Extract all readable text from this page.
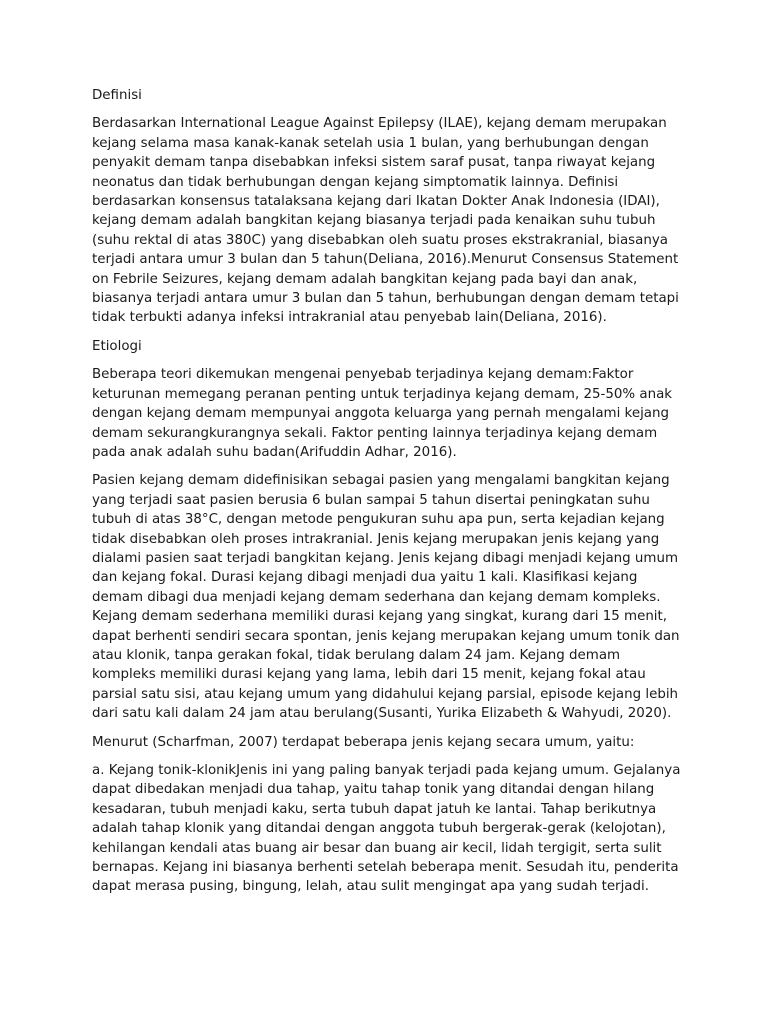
Definisi

Berdasarkan International League Against Epilepsy (ILAE), kejang demam merupakan kejang selama masa kanak-kanak setelah usia 1 bulan, yang berhubungan dengan penyakit demam tanpa disebabkan infeksi sistem saraf pusat, tanpa riwayat kejang neonatus dan tidak berhubungan dengan kejang simptomatik lainnya. Definisi berdasarkan konsensus tatalaksana kejang dari Ikatan Dokter Anak Indonesia (IDAI), kejang demam adalah bangkitan kejang biasanya terjadi pada kenaikan suhu tubuh (suhu rektal di atas 380C) yang disebabkan oleh suatu proses ekstrakranial, biasanya terjadi antara umur 3 bulan dan 5 tahun(Deliana, 2016).Menurut Consensus Statement on Febrile Seizures, kejang demam adalah bangkitan kejang pada bayi dan anak, biasanya terjadi antara umur 3 bulan dan 5 tahun, berhubungan dengan demam tetapi tidak terbukti adanya infeksi intrakranial atau penyebab lain(Deliana, 2016).

Etiologi

Beberapa teori dikemukan mengenai penyebab terjadinya kejang demam:Faktor keturunan memegang peranan penting untuk terjadinya kejang demam, 25-50% anak dengan kejang demam mempunyai anggota keluarga yang pernah mengalami kejang demam sekurangkurangnya sekali. Faktor penting lainnya terjadinya kejang demam pada anak adalah suhu badan(Arifuddin Adhar, 2016).

Pasien kejang demam didefinisikan sebagai pasien yang mengalami bangkitan kejang yang terjadi saat pasien berusia 6 bulan sampai 5 tahun disertai peningkatan suhu tubuh di atas 38°C, dengan metode pengukuran suhu apa pun, serta kejadian kejang tidak disebabkan oleh proses intrakranial. Jenis kejang merupakan jenis kejang yang dialami pasien saat terjadi bangkitan kejang. Jenis kejang dibagi menjadi kejang umum dan kejang fokal. Durasi kejang dibagi menjadi dua yaitu 1 kali. Klasifikasi kejang demam dibagi dua menjadi kejang demam sederhana dan kejang demam kompleks. Kejang demam sederhana memiliki durasi kejang yang singkat, kurang dari 15 menit, dapat berhenti sendiri secara spontan, jenis kejang merupakan kejang umum tonik dan atau klonik, tanpa gerakan fokal, tidak berulang dalam 24 jam. Kejang demam kompleks memiliki durasi kejang yang lama, lebih dari 15 menit, kejang fokal atau parsial satu sisi, atau kejang umum yang didahului kejang parsial, episode kejang lebih dari satu kali dalam 24 jam atau berulang(Susanti, Yurika Elizabeth & Wahyudi, 2020).

Menurut (Scharfman, 2007) terdapat beberapa jenis kejang secara umum, yaitu:

a. Kejang tonik-klonikJenis ini yang paling banyak terjadi pada kejang umum. Gejalanya dapat dibedakan menjadi dua tahap, yaitu tahap tonik yang ditandai dengan hilang kesadaran, tubuh menjadi kaku, serta tubuh dapat jatuh ke lantai. Tahap berikutnya adalah tahap klonik yang ditandai dengan anggota tubuh bergerak-gerak (kelojotan), kehilangan kendali atas buang air besar dan buang air kecil, lidah tergigit, serta sulit bernapas. Kejang ini biasanya berhenti setelah beberapa menit. Sesudah itu, penderita dapat merasa pusing, bingung, lelah, atau sulit mengingat apa yang sudah terjadi.
